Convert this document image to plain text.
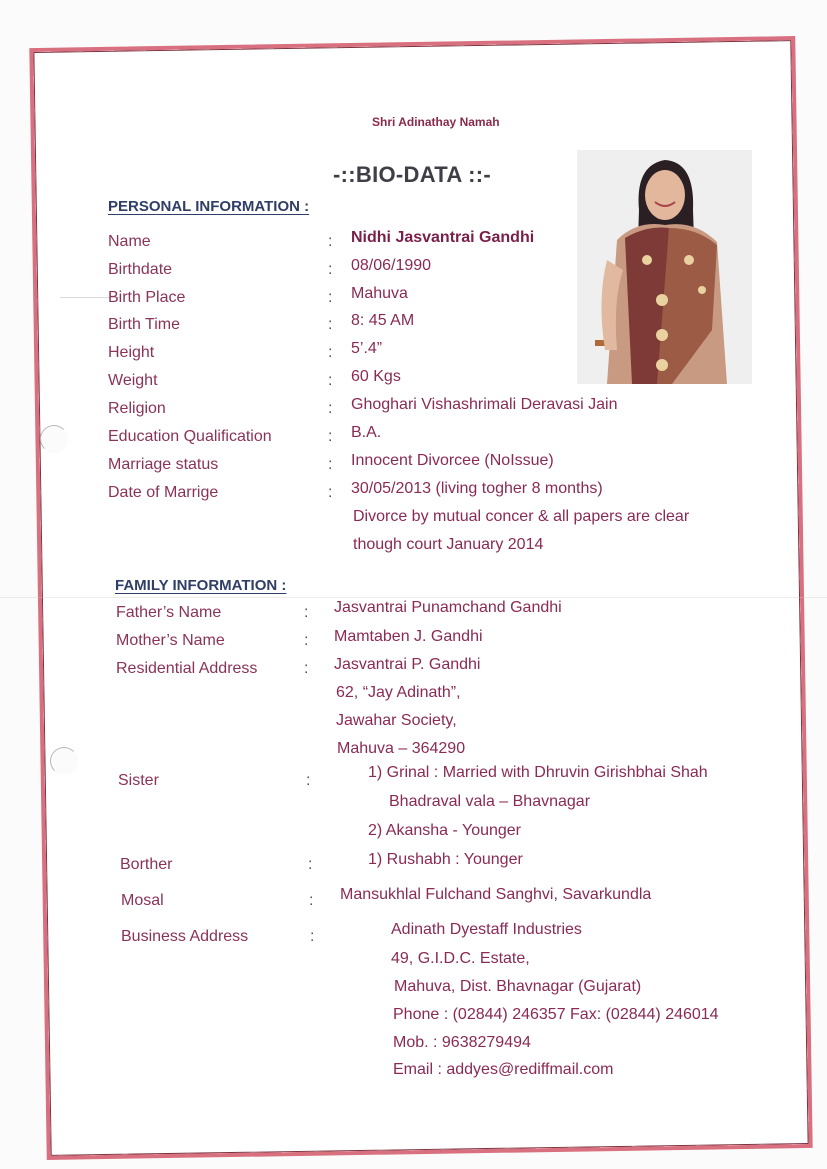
Shri Adinathay Namah
-::BIO-DATA ::-
PERSONAL INFORMATION :
Name	: Nidhi Jasvantrai Gandhi
Birthdate	: 08/06/1990
Birth Place	: Mahuva
Birth Time	: 8: 45 AM
Height	: 5’.4”
Weight	: 60 Kgs
Religion	: Ghoghari Vishashrimali Deravasi Jain
Education Qualification	: B.A.
Marriage status	: Innocent Divorcee (NoIssue)
Date of Marrige	: 30/05/2013 (living togher 8 months)
Divorce by mutual concer & all papers are clear
though court January 2014
FAMILY INFORMATION :
Father’s Name	: Jasvantrai Punamchand Gandhi
Mother’s Name	: Mamtaben J. Gandhi
Residential Address	: Jasvantrai P. Gandhi
62, “Jay Adinath”,
Jawahar Society,
Mahuva – 364290
Sister	:	1) Grinal : Married with Dhruvin Girishbhai Shah
Bhadraval vala – Bhavnagar
2) Akansha - Younger
Borther	:	1) Rushabh : Younger
Mosal	: Mansukhlal Fulchand Sanghvi, Savarkundla
Business Address	:	Adinath Dyestaff Industries
49, G.I.D.C. Estate,
Mahuva, Dist. Bhavnagar (Gujarat)
Phone : (02844) 246357 Fax: (02844) 246014
Mob. : 9638279494
Email : addyes@rediffmail.com
